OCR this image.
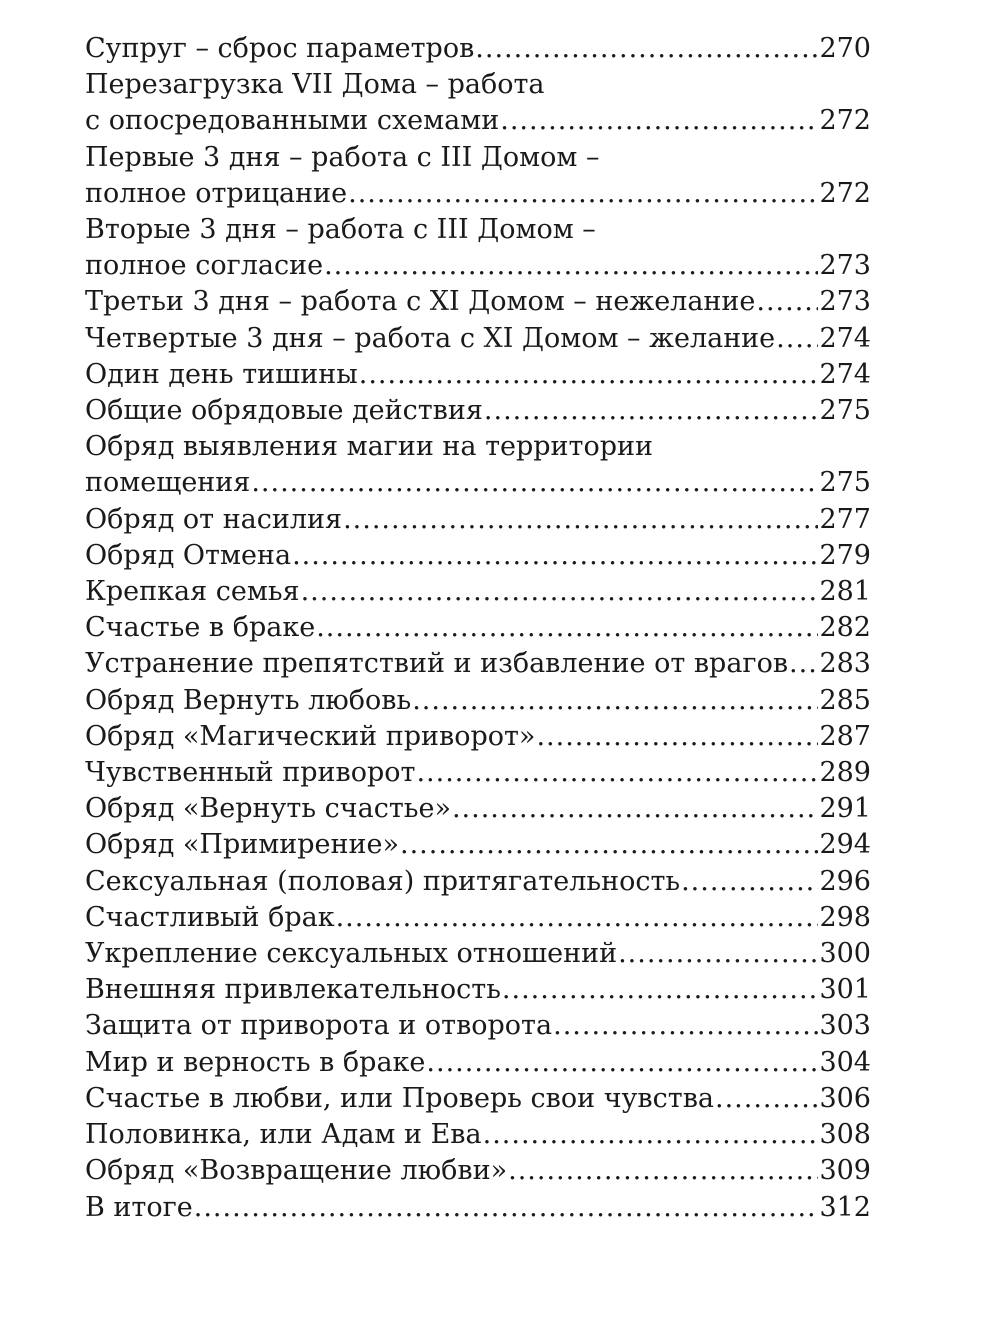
Супруг – сброс параметров .....	270
Перезагрузка VII Дома – работа
с опосредованными схемами .....	272
Первые 3 дня – работа с III Домом –
полное отрицание .....	272
Вторые 3 дня – работа с III Домом –
полное согласие .....	273
Третьи 3 дня – работа с XI Домом – нежелание ..... 273
Четвертые 3 дня – работа с XI Домом – желание ..... 274
Один день тишины .....	274
Общие обрядовые действия .....	275
Обряд выявления магии на территории
помещения .....	275
Обряд от насилия .....	277
Обряд Отмена .....	279
Крепкая семья .....	281
Счастье в браке .....	282
Устранение препятствий и избавление от врагов ..... 283
Обряд Вернуть любовь .....	285
Обряд «Магический приворот» .....	287
Чувственный приворот .....	289
Обряд «Вернуть счастье» .....	291
Обряд «Примирение» .....	294
Сексуальная (половая) притягательность .....	296
Счастливый брак .....	298
Укрепление сексуальных отношений .....	300
Внешняя привлекательность .....	301
Защита от приворота и отворота .....	303
Мир и верность в браке .....	304
Счастье в любви, или Проверь свои чувства .....	306
Половинка, или Адам и Ева .....	308
Обряд «Возвращение любви» .....	309
В итоге .....	312
